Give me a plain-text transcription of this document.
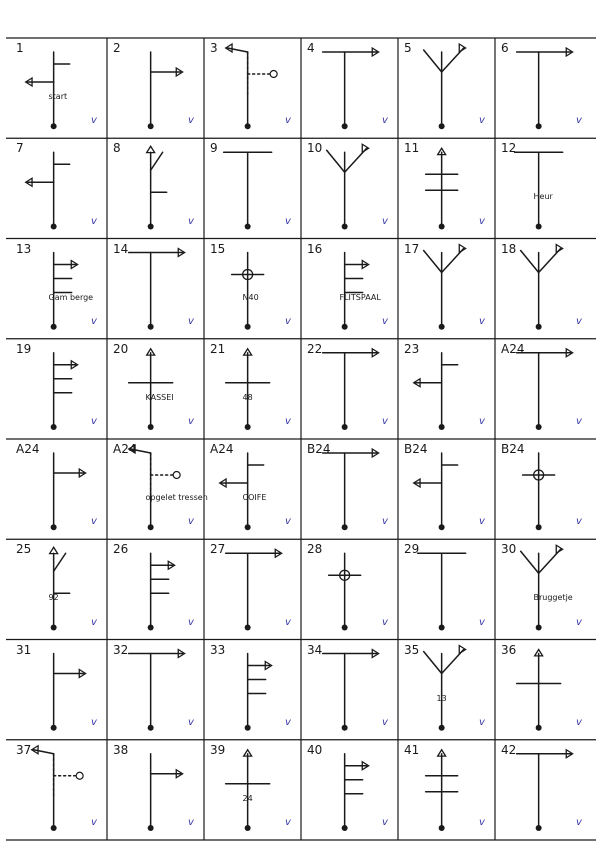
1
start
v
2
v
3
v
4
v
5
v
6
v
7
v
8
v
9
v
10
v
11
v
12
Heur
13
Gam berge
v
14
v
15
N40
v
16
FLITSPAAL
v
17
v
18
v
19
v
20
KASSEI
v
21
48
v
22
v
23
v
A24
v
A24
v
A24
opgelet tressen
v
A24
COIFE
v
B24
v
B24
v
B24
v
25
92
v
26
v
27
v
28
v
29
v
30
Bruggetje
v
31
v
32
v
33
v
34
v
35
13
v
36
v
37
v
38
v
39
24
v
40
v
41
v
42
v
